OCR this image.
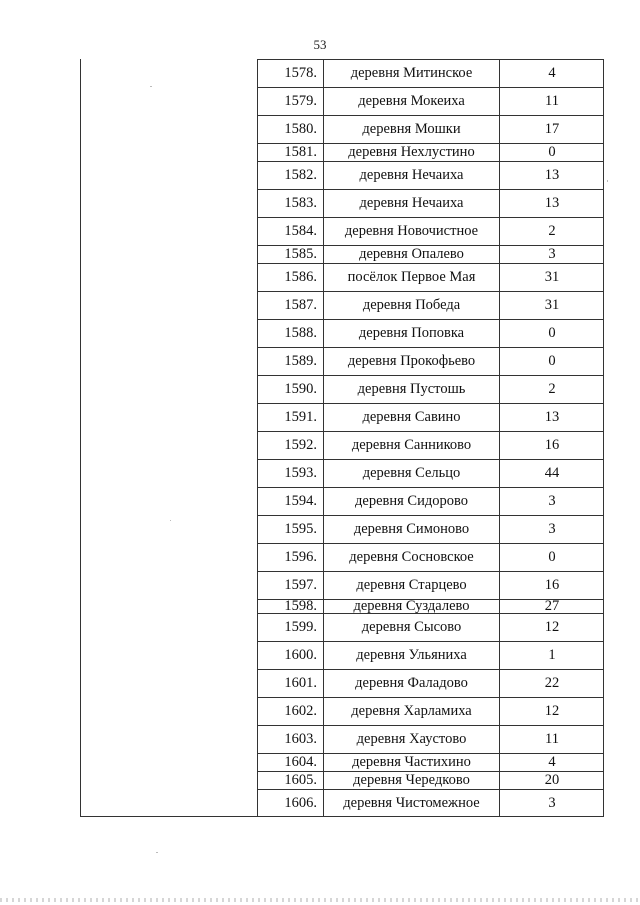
53
1578.	деревня Митинское	4
1579.	деревня Мокеиха	11
1580.	деревня Мошки	17
1581.	деревня Нехлустино	0
1582.	деревня Нечаиха	13
1583.	деревня Нечаиха	13
1584.	деревня Новочистное	2
1585.	деревня Опалево	3
1586.	посёлок Первое Мая	31
1587.	деревня Победа	31
1588.	деревня Поповка	0
1589.	деревня Прокофьево	0
1590.	деревня Пустошь	2
1591.	деревня Савино	13
1592.	деревня Санниково	16
1593.	деревня Сельцо	44
1594.	деревня Сидорово	3
1595.	деревня Симоново	3
1596.	деревня Сосновское	0
1597.	деревня Старцево	16
1598.	деревня Суздалево	27
1599.	деревня Сысово	12
1600.	деревня Ульяниха	1
1601.	деревня Фаладово	22
1602.	деревня Харламиха	12
1603.	деревня Хаустово	11
1604.	деревня Частихино	4
1605.	деревня Чередково	20
1606.	деревня Чистомежное	3
